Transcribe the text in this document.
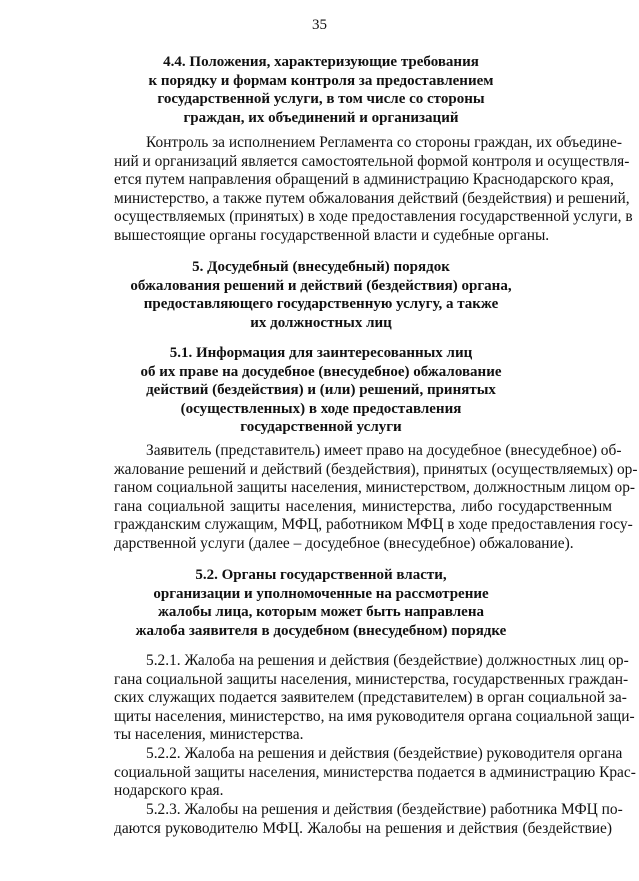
35
4.4. Положения, характеризующие требования
к порядку и формам контроля за предоставлением
государственной услуги, в том числе со стороны
граждан, их объединений и организаций
Контроль за исполнением Регламента со стороны граждан, их объедине-
ний и организаций является самостоятельной формой контроля и осуществля-
ется путем направления обращений в администрацию Краснодарского края,
министерство, а также путем обжалования действий (бездействия) и решений,
осуществляемых (принятых) в ходе предоставления государственной услуги, в
вышестоящие органы государственной власти и судебные органы.
5. Досудебный (внесудебный) порядок
обжалования решений и действий (бездействия) органа,
предоставляющего государственную услугу, а также
их должностных лиц
5.1. Информация для заинтересованных лиц
об их праве на досудебное (внесудебное) обжалование
действий (бездействия) и (или) решений, принятых
(осуществленных) в ходе предоставления
государственной услуги
Заявитель (представитель) имеет право на досудебное (внесудебное) об-
жалование решений и действий (бездействия), принятых (осуществляемых) ор-
ганом социальной защиты населения, министерством, должностным лицом ор-
гана социальной защиты населения, министерства, либо государственным
гражданским служащим, МФЦ, работником МФЦ в ходе предоставления госу-
дарственной услуги (далее – досудебное (внесудебное) обжалование).
5.2. Органы государственной власти,
организации и уполномоченные на рассмотрение
жалобы лица, которым может быть направлена
жалоба заявителя в досудебном (внесудебном) порядке
5.2.1. Жалоба на решения и действия (бездействие) должностных лиц ор-
гана социальной защиты населения, министерства, государственных граждан-
ских служащих подается заявителем (представителем) в орган социальной за-
щиты населения, министерство, на имя руководителя органа социальной защи-
ты населения, министерства.
5.2.2. Жалоба на решения и действия (бездействие) руководителя органа
социальной защиты населения, министерства подается в администрацию Крас-
нодарского края.
5.2.3. Жалобы на решения и действия (бездействие) работника МФЦ по-
даются руководителю МФЦ. Жалобы на решения и действия (бездействие)
